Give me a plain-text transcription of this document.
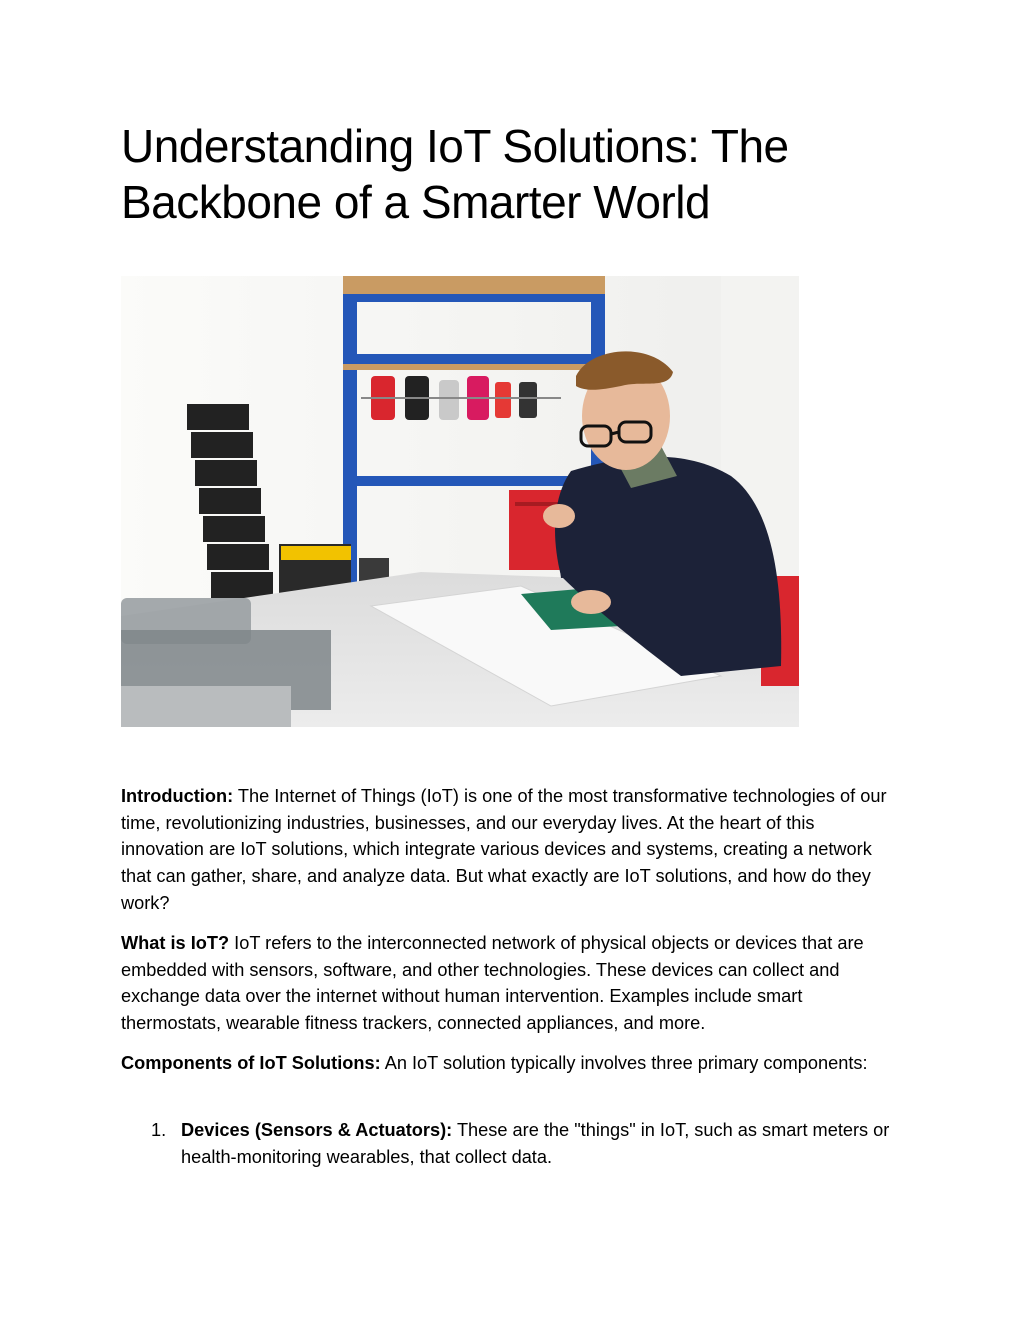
Understanding IoT Solutions: The Backbone of a Smarter World

Introduction: The Internet of Things (IoT) is one of the most transformative technologies of our time, revolutionizing industries, businesses, and our everyday lives. At the heart of this innovation are IoT solutions, which integrate various devices and systems, creating a network that can gather, share, and analyze data. But what exactly are IoT solutions, and how do they work?

What is IoT? IoT refers to the interconnected network of physical objects or devices that are embedded with sensors, software, and other technologies. These devices can collect and exchange data over the internet without human intervention. Examples include smart thermostats, wearable fitness trackers, connected appliances, and more.

Components of IoT Solutions: An IoT solution typically involves three primary components:

1. Devices (Sensors & Actuators): These are the "things" in IoT, such as smart meters or health-monitoring wearables, that collect data.
